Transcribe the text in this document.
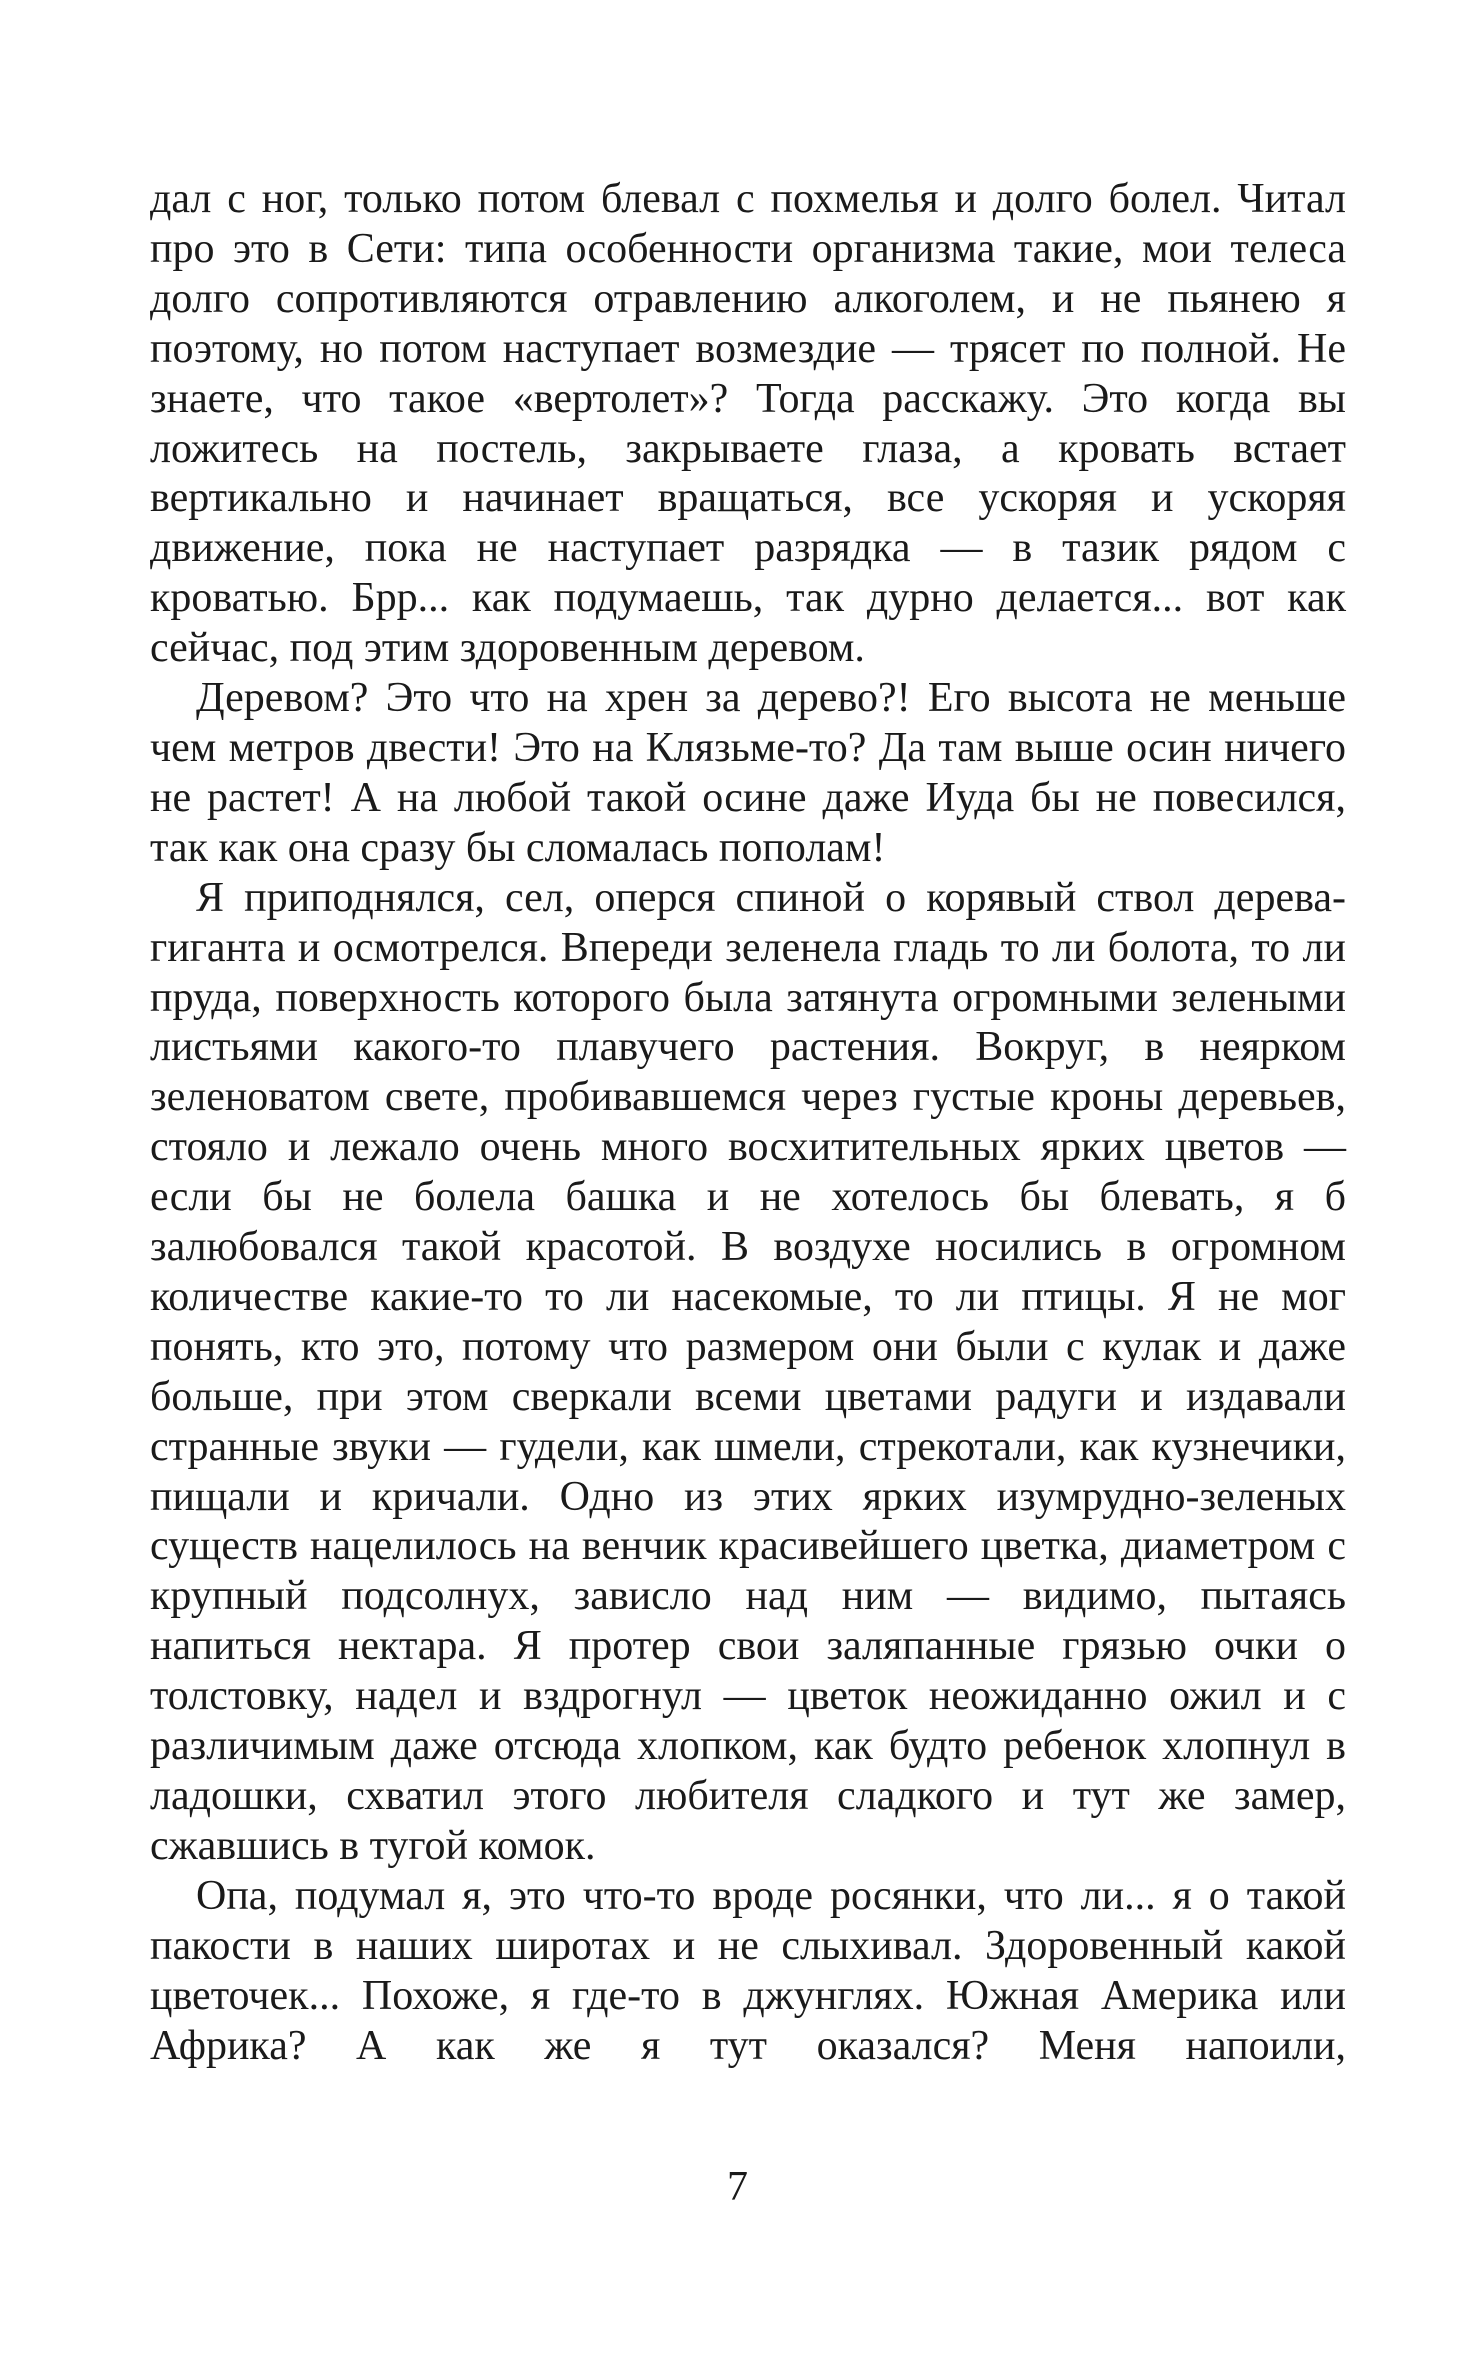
дал с ног, только потом блевал с похмелья и долго болел. Читал про это в Сети: типа особенности организма такие, мои телеса долго сопротивляются отравлению алкоголем, и не пьянею я поэтому, но потом наступает возмездие — трясет по полной. Не знаете, что такое «вертолет»? Тогда расскажу. Это когда вы ложитесь на постель, закрываете глаза, а кровать встает вертикально и начинает вращаться, все ускоряя и ускоряя движение, пока не наступает разрядка — в тазик рядом с кроватью. Брр... как подумаешь, так дурно делается... вот как сейчас, под этим здоровенным деревом.

Деревом? Это что на хрен за дерево?! Его высота не меньше чем метров двести! Это на Клязьме-то? Да там выше осин ничего не растет! А на любой такой осине даже Иуда бы не повесился, так как она сразу бы сломалась пополам!

Я приподнялся, сел, оперся спиной о корявый ствол дерева-гиганта и осмотрелся. Впереди зеленела гладь то ли болота, то ли пруда, поверхность которого была затянута огромными зелеными листьями какого-то плавучего растения. Вокруг, в неярком зеленоватом свете, пробивавшемся через густые кроны деревьев, стояло и лежало очень много восхитительных ярких цветов — если бы не болела башка и не хотелось бы блевать, я б залюбовался такой красотой. В воздухе носились в огромном количестве какие-то то ли насекомые, то ли птицы. Я не мог понять, кто это, потому что размером они были с кулак и даже больше, при этом сверкали всеми цветами радуги и издавали странные звуки — гудели, как шмели, стрекотали, как кузнечики, пищали и кричали. Одно из этих ярких изумрудно-зеленых существ нацелилось на венчик красивейшего цветка, диаметром с крупный подсолнух, зависло над ним — видимо, пытаясь напиться нектара. Я протер свои заляпанные грязью очки о толстовку, надел и вздрогнул — цветок неожиданно ожил и с различимым даже отсюда хлопком, как будто ребенок хлопнул в ладошки, схватил этого любителя сладкого и тут же замер, сжавшись в тугой комок.

Опа, подумал я, это что-то вроде росянки, что ли... я о такой пакости в наших широтах и не слыхивал. Здоровенный какой цветочек... Похоже, я где-то в джунглях. Южная Америка или Африка? А как же я тут оказался? Меня напоили,

7
